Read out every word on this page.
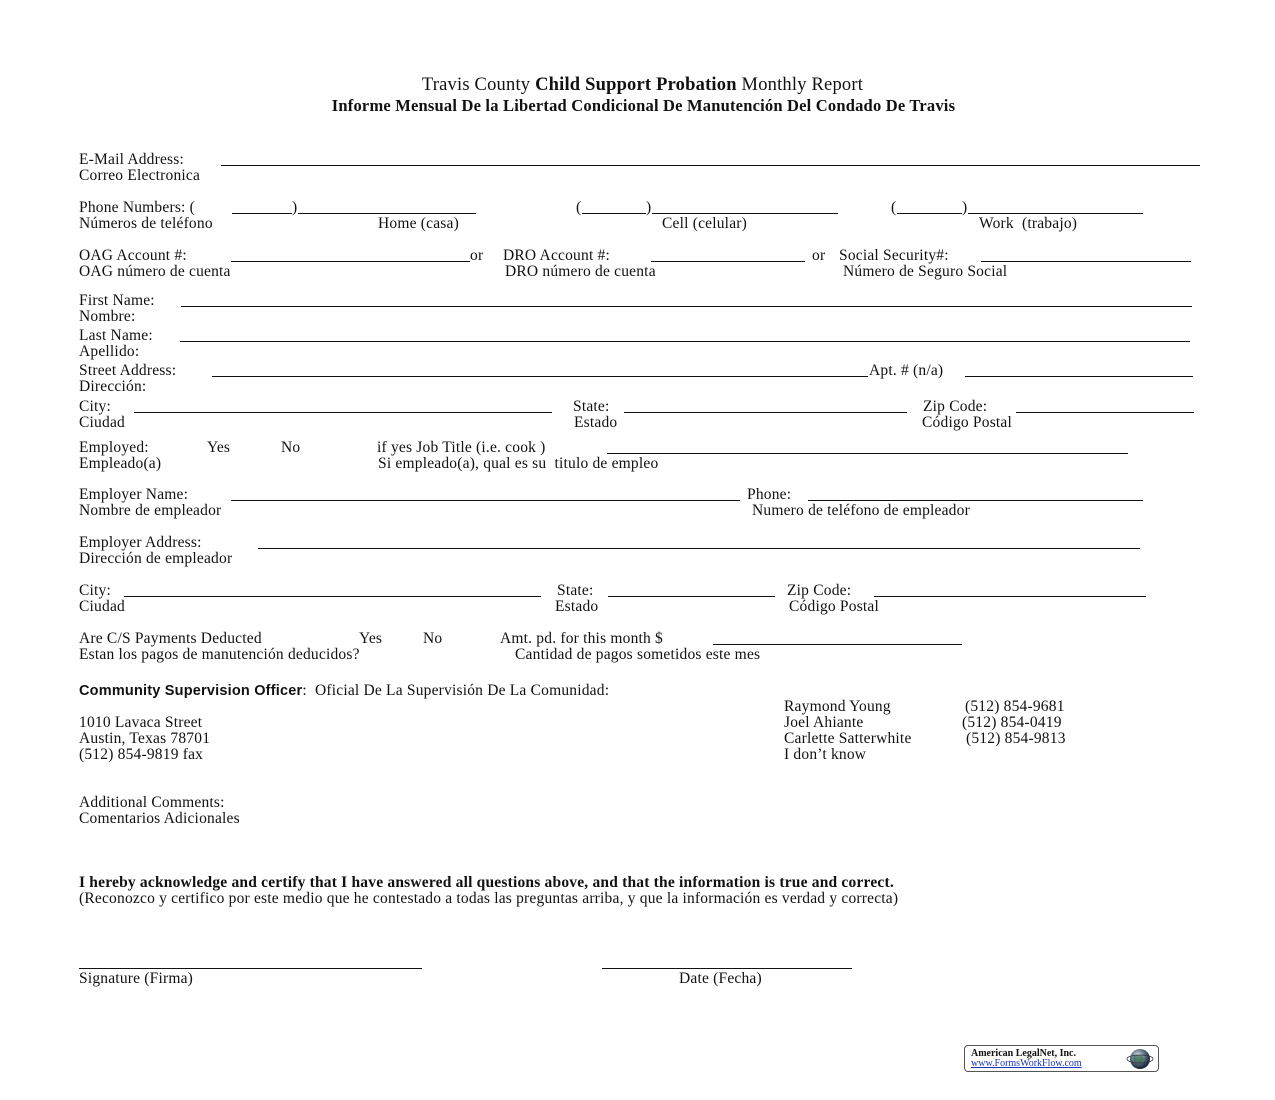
Travis County Child Support Probation Monthly Report
Informe Mensual De la Libertad Condicional De Manutención Del Condado De Travis
E-Mail Address:
Correo Electronica
Phone Numbers: (	)	(	)	(	)
Números de teléfono	Home (casa)	Cell (celular)	Work  (trabajo)
OAG Account #:	or DRO Account #:	or Social Security#:
OAG número de cuenta	DRO número de cuenta	Número de Seguro Social
First Name:
Nombre:
Last Name:
Apellido:
Street Address:	Apt. # (n/a)
Dirección:
City:	State:	Zip Code:
Ciudad	Estado	Código Postal
Employed:	Yes	No	if yes Job Title (i.e. cook )
Empleado(a)	Si empleado(a), qual es su  titulo de empleo
Employer Name:	Phone:
Nombre de empleador	Numero de teléfono de empleador
Employer Address:
Dirección de empleador
City:	State:	Zip Code:
Ciudad	Estado	Código Postal
Are C/S Payments Deducted	Yes	No	Amt. pd. for this month $
Estan los pagos de manutención deducidos?	Cantidad de pagos sometidos este mes
Community Supervision Officer:  Oficial De La Supervisión De La Comunidad:
Raymond Young	(512) 854-9681
Joel Ahiante	(512) 854-0419
Carlette Satterwhite	(512) 854-9813
I don’t know
1010 Lavaca Street
Austin, Texas 78701
(512) 854-9819 fax
Additional Comments:
Comentarios Adicionales
I hereby acknowledge and certify that I have answered all questions above, and that the information is true and correct.
(Reconozco y certifico por este medio que he contestado a todas las preguntas arriba, y que la información es verdad y correcta)
Signature (Firma)	Date (Fecha)
American LegalNet, Inc.
www.FormsWorkFlow.com
